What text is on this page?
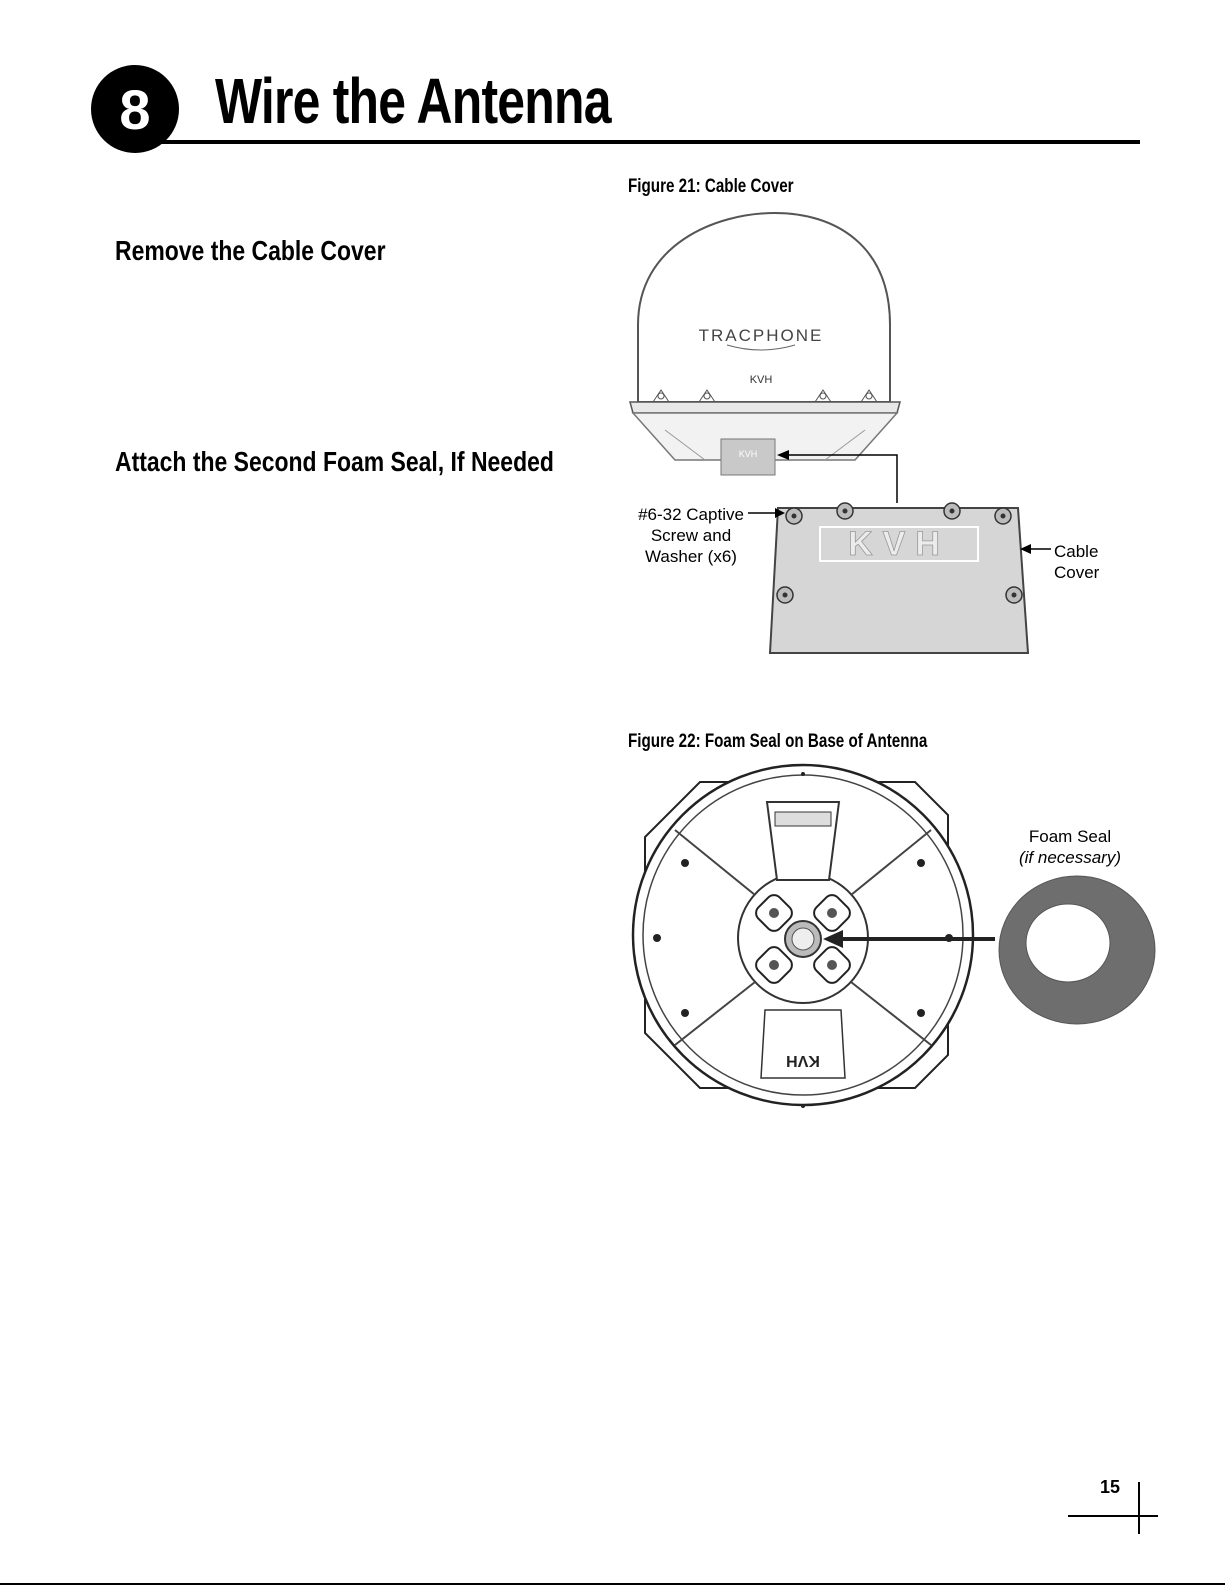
8	Wire the Antenna
Remove the Cable Cover
Attach the Second Foam Seal, If Needed
Figure 21: Cable Cover
TRACPHONE
KVH
KVH
KVH
#6-32 Captive
Screw and
Washer (x6)	Cable
Cover
Figure 22: Foam Seal on Base of Antenna
KVH
Foam Seal
(if necessary)
15
